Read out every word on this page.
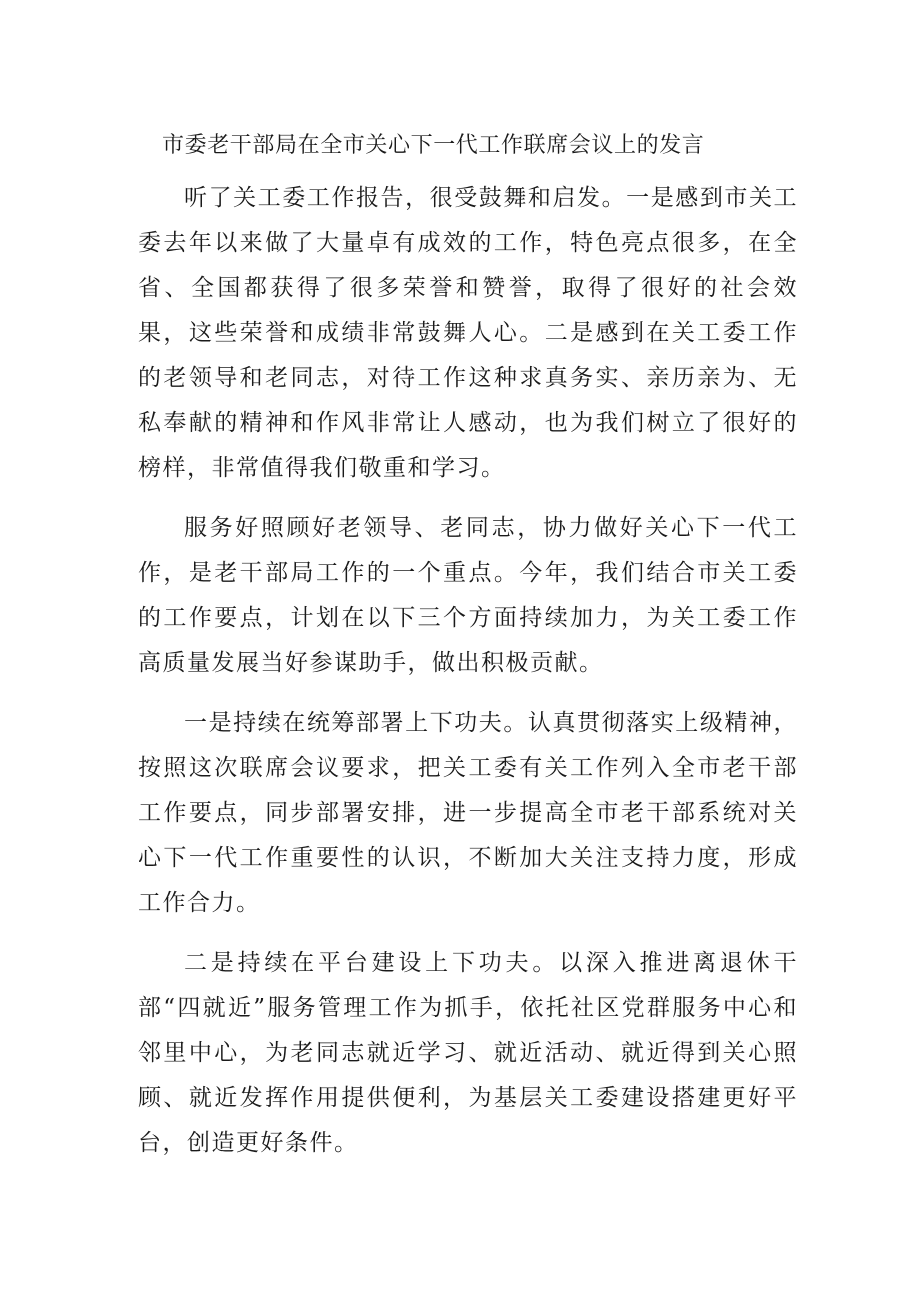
市委老干部局在全市关心下一代工作联席会议上的发言

听了关工委工作报告，很受鼓舞和启发。一是感到市关工委去年以来做了大量卓有成效的工作，特色亮点很多，在全省、全国都获得了很多荣誉和赞誉，取得了很好的社会效果，这些荣誉和成绩非常鼓舞人心。二是感到在关工委工作的老领导和老同志，对待工作这种求真务实、亲历亲为、无私奉献的精神和作风非常让人感动，也为我们树立了很好的榜样，非常值得我们敬重和学习。

服务好照顾好老领导、老同志，协力做好关心下一代工作，是老干部局工作的一个重点。今年，我们结合市关工委的工作要点，计划在以下三个方面持续加力，为关工委工作高质量发展当好参谋助手，做出积极贡献。

一是持续在统筹部署上下功夫。认真贯彻落实上级精神，按照这次联席会议要求，把关工委有关工作列入全市老干部工作要点，同步部署安排，进一步提高全市老干部系统对关心下一代工作重要性的认识，不断加大关注支持力度，形成工作合力。

二是持续在平台建设上下功夫。以深入推进离退休干部“四就近”服务管理工作为抓手，依托社区党群服务中心和邻里中心，为老同志就近学习、就近活动、就近得到关心照顾、就近发挥作用提供便利，为基层关工委建设搭建更好平台，创造更好条件。
